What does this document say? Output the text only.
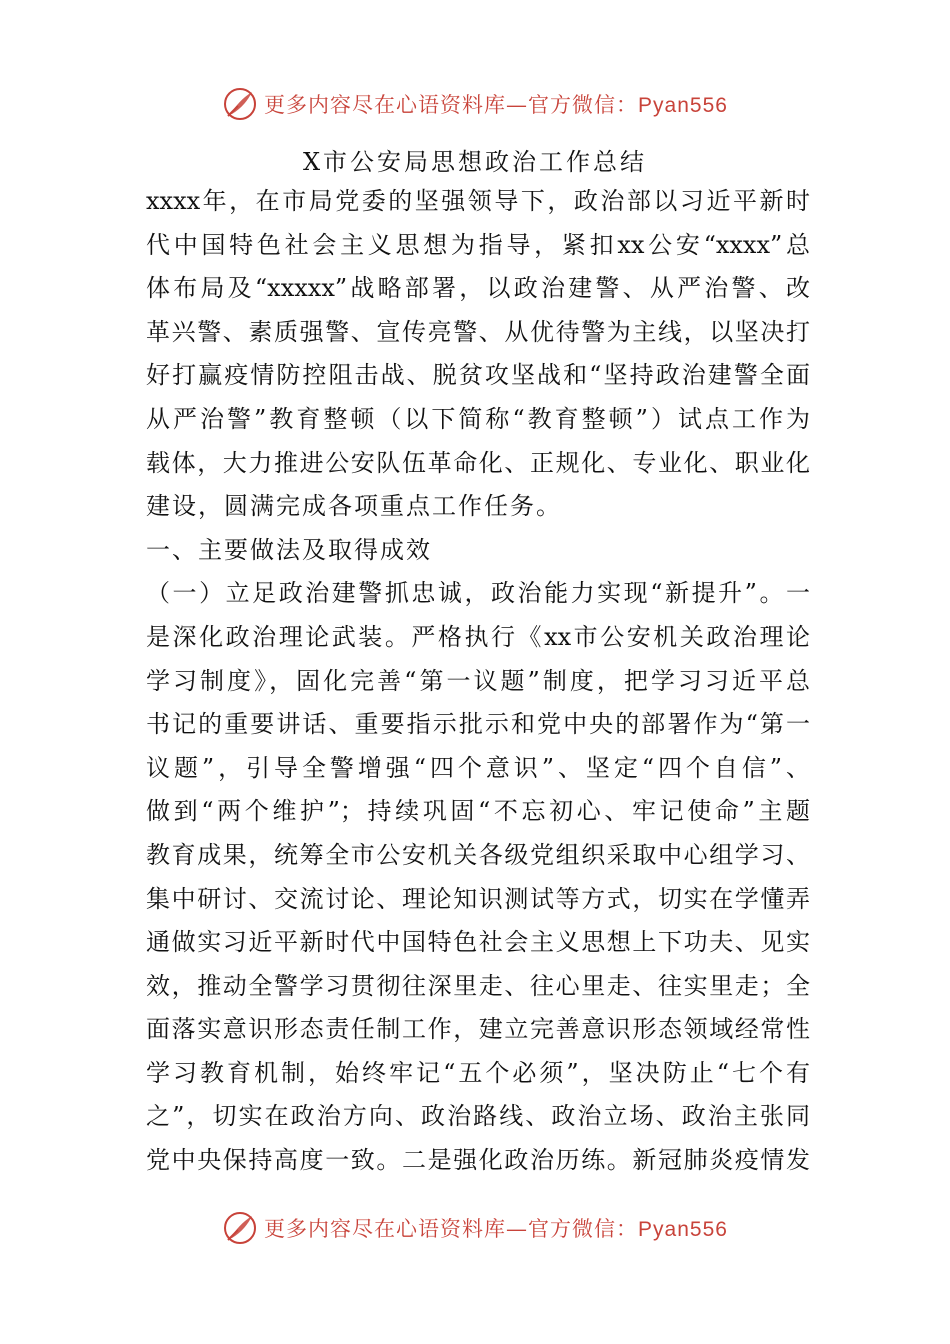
更多内容尽在心语资料库—官方微信：Pyan556
X市公安局思想政治工作总结
xxxx年，在市局党委的坚强领导下，政治部以习近平新时
代中国特色社会主义思想为指导，紧扣xx公安“xxxx”总
体布局及“xxxxx”战略部署，以政治建警、从严治警、改
革兴警、素质强警、宣传亮警、从优待警为主线，以坚决打
好打赢疫情防控阻击战、脱贫攻坚战和“坚持政治建警全面
从严治警”教育整顿（以下简称“教育整顿”）试点工作为
载体，大力推进公安队伍革命化、正规化、专业化、职业化
建设，圆满完成各项重点工作任务。
一、主要做法及取得成效
（一）立足政治建警抓忠诚，政治能力实现“新提升”。一
是深化政治理论武装。严格执行《xx市公安机关政治理论
学习制度》，固化完善“第一议题”制度，把学习习近平总
书记的重要讲话、重要指示批示和党中央的部署作为“第一
议题”，引导全警增强“四个意识”、坚定“四个自信”、
做到“两个维护”；持续巩固“不忘初心、牢记使命”主题
教育成果，统筹全市公安机关各级党组织采取中心组学习、
集中研讨、交流讨论、理论知识测试等方式，切实在学懂弄
通做实习近平新时代中国特色社会主义思想上下功夫、见实
效，推动全警学习贯彻往深里走、往心里走、往实里走；全
面落实意识形态责任制工作，建立完善意识形态领域经常性
学习教育机制，始终牢记“五个必须”，坚决防止“七个有
之”，切实在政治方向、政治路线、政治立场、政治主张同
党中央保持高度一致。二是强化政治历练。新冠肺炎疫情发
更多内容尽在心语资料库—官方微信：Pyan556
